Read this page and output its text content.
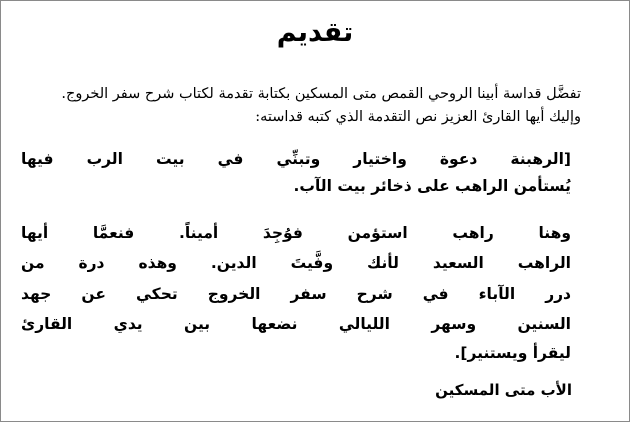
تقديم
تفضَّل قداسة أبينا الروحي القمص متى المسكين بكتابة تقدمة لكتاب شرح سفر الخروج.
وإليك أيها القارئ العزيز نص التقدمة الذي كتبه قداسته:
[الرهبنة دعوة واختيار وتبنِّي في بيت الرب فيها
يُستأمن الراهب على ذخائر بيت الآب.
وهنا راهب استؤمن فوُجِدَ أميناً. فنعمَّا أيها
الراهب السعيد لأنك وفَّيتَ الدين. وهذه درة من
درر الآباء في شرح سفر الخروج تحكي عن جهد
السنين وسهر الليالي نضعها بين يدي القارئ
ليقرأ ويستنير].
الأب متى المسكين
